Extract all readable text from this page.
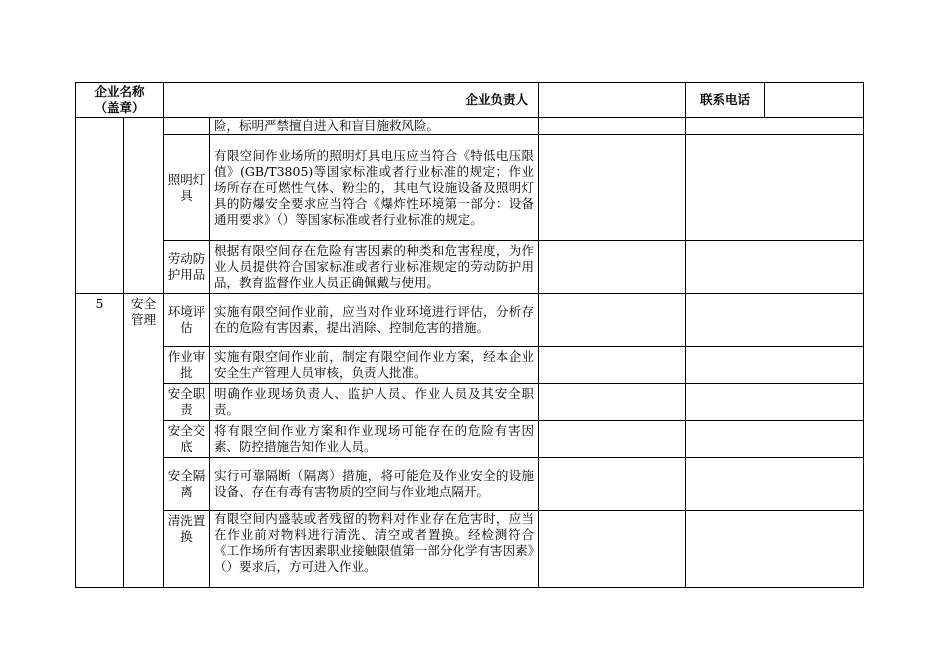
企业名称
（盖章）		企业负责人			联系电话

			险，标明严禁擅自进入和盲目施救风险。		
		照明灯具	有限空间作业场所的照明灯具电压应当符合《特低电压限值》(GB/T3805)等国家标准或者行业标准的规定；作业场所存在可燃性气体、粉尘的，其电气设施设备及照明灯具的防爆安全要求应当符合《爆炸性环境第一部分：设备通用要求》（）等国家标准或者行业标准的规定。		
		劳动防护用品	根据有限空间存在危险有害因素的种类和危害程度，为作业人员提供符合国家标准或者行业标准规定的劳动防护用品，教育监督作业人员正确佩戴与使用。		
5	安全管理	环境评估	实施有限空间作业前，应当对作业环境进行评估，分析存在的危险有害因素，提出消除、控制危害的措施。		
		作业审批	实施有限空间作业前，制定有限空间作业方案，经本企业安全生产管理人员审核，负责人批准。		
		安全职责	明确作业现场负责人、监护人员、作业人员及其安全职责。		
		安全交底	将有限空间作业方案和作业现场可能存在的危险有害因素、防控措施告知作业人员。		
		安全隔离	实行可靠隔断（隔离）措施，将可能危及作业安全的设施设备、存在有毒有害物质的空间与作业地点隔开。		
		清洗置换	有限空间内盛装或者残留的物料对作业存在危害时，应当在作业前对物料进行清洗、清空或者置换。经检测符合《工作场所有害因素职业接触限值第一部分化学有害因素》（）要求后，方可进入作业。		
